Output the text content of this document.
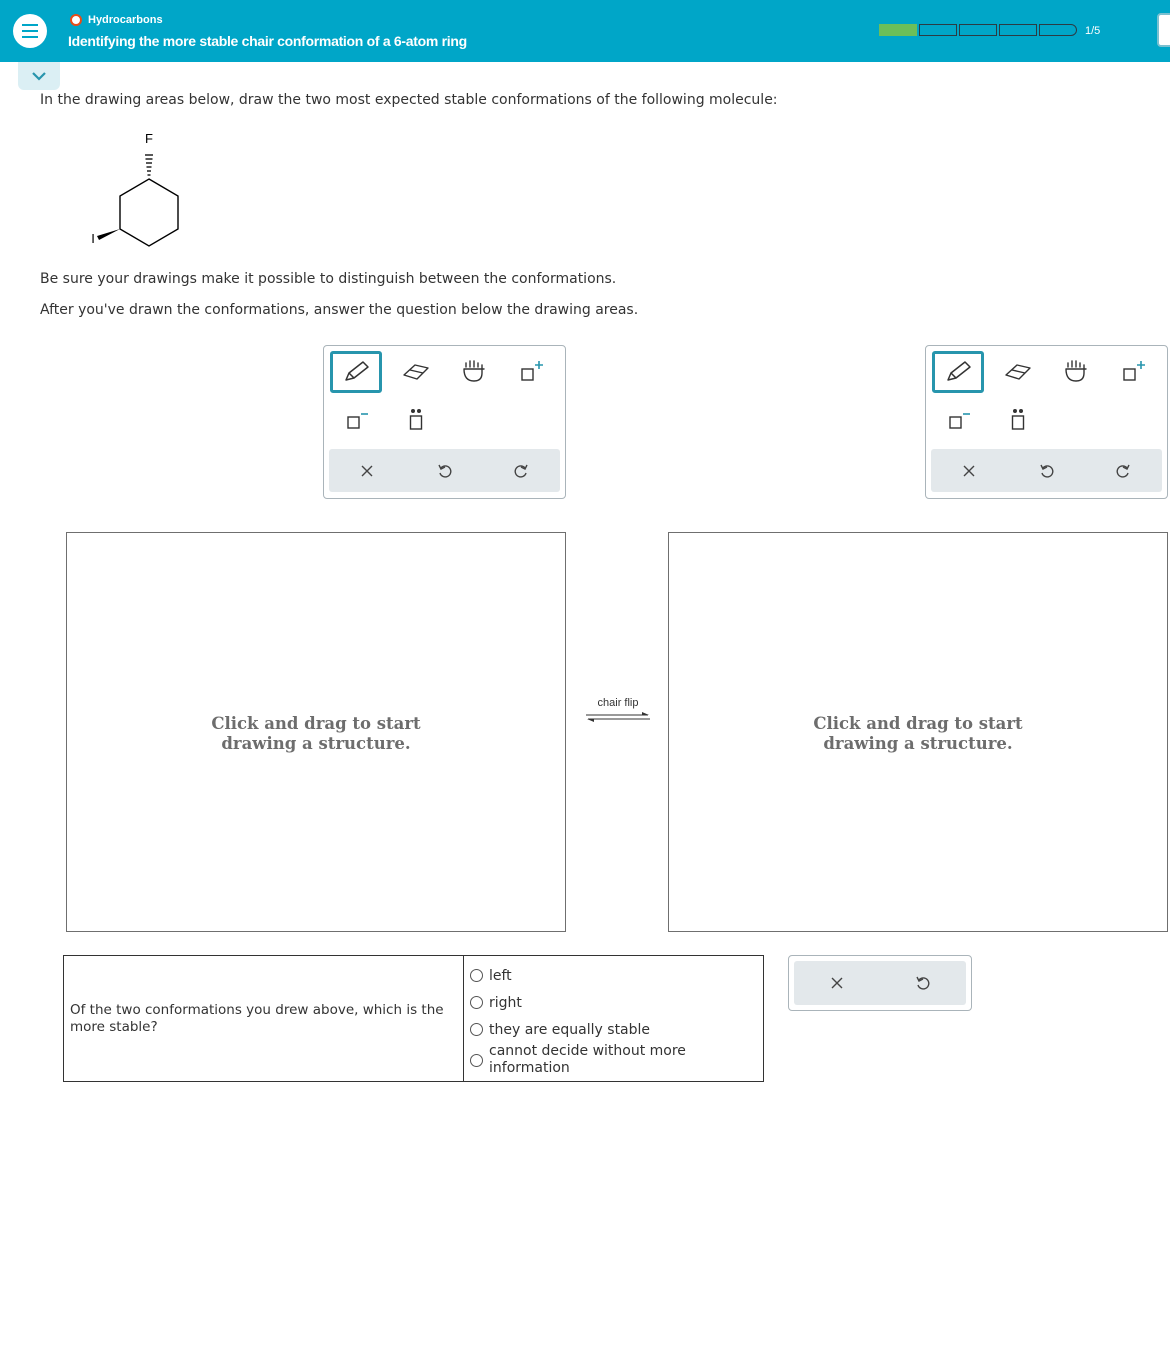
Hydrocarbons
Identifying the more stable chair conformation of a 6-atom ring
1/5
In the drawing areas below, draw the two most expected stable conformations of the following molecule:
F
I
Be sure your drawings make it possible to distinguish between the conformations.
After you've drawn the conformations, answer the question below the drawing areas.
Click and drag to start
drawing a structure.
chair flip
Click and drag to start
drawing a structure.
Of the two conformations you drew above, which is the more stable?
left
right
they are equally stable
cannot decide without more information
